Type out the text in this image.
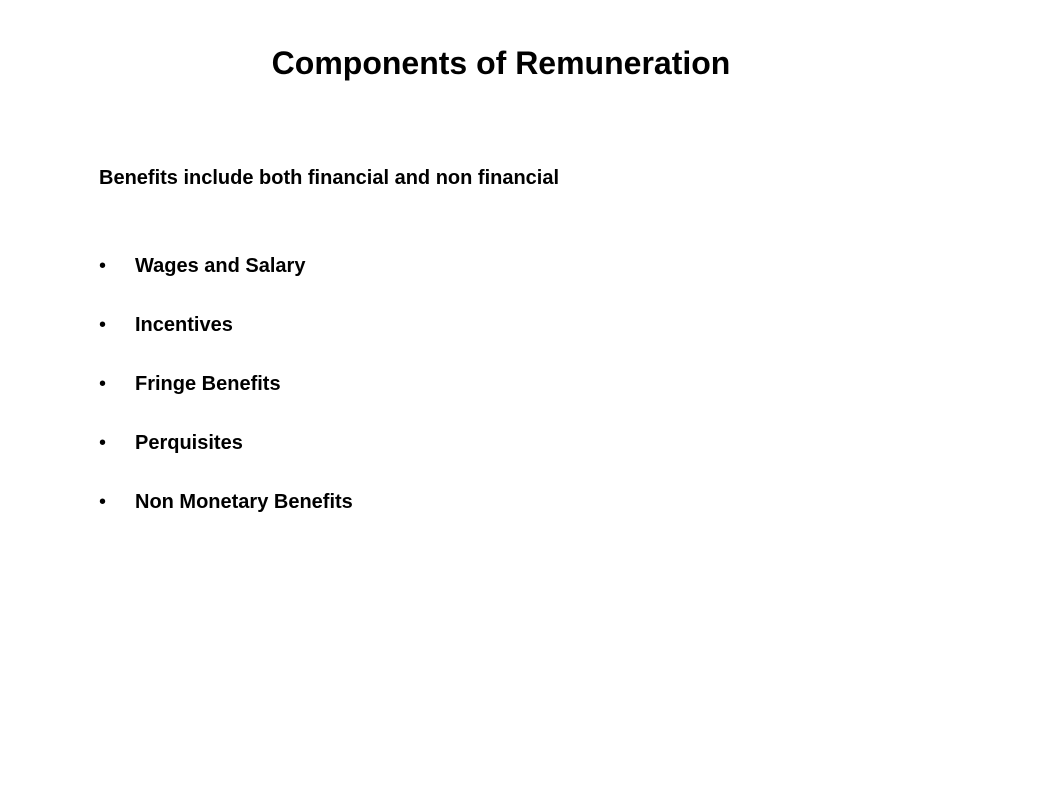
Components of Remuneration
Benefits include both financial and non financial
• Wages and Salary
• Incentives
• Fringe Benefits
• Perquisites
• Non Monetary Benefits
